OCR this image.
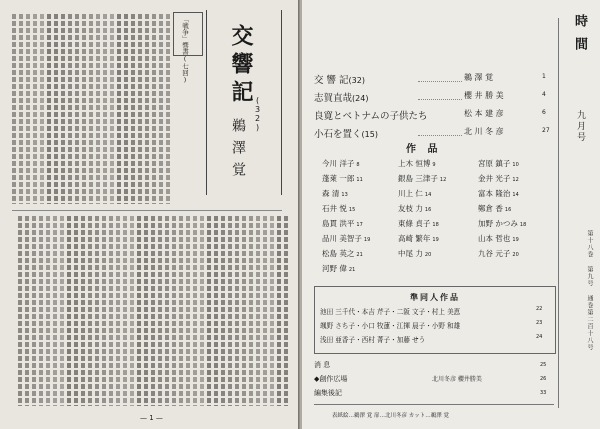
交響記
(32)
鵜澤覚
「戦争」響書(七回)
— 1 —
時間
九月号
第十八巻 第九号 通巻第二百十八号
交 響 記(32)	鵜 澤 覚	1
志賀直哉(24)	櫻 井 勝 美	4
良寛とベトナムの子供たち	松 本 建 彦	6
小石を置く(15)	北 川 冬 彦	27
作 品
今川 洋子 8
蓬萊 一郎 11
森 清 13
石井 悦 15
島貫 洪平 17
品川 美智子 19
松島 英之 21
河野 偉 21
上木 恒博 9
銀島 三津子 12
川上 仁 14
友枝 力 16
東條 貞子 18
高崎 繁年 19
中尾 力 20
宮原 鎮子 10
金井 光子 12
富本 隆治 14
鄭倉 香 16
加野 かつみ 18
山本 哲也 19
九谷 元子 20
準同人作品
池田 三千代・本吉 芹子・二阪 文子・村上 美恵	22
颯野 さち子・小口 牧蓮・江揮 晨子・小野 和雄	23
浅田 亜香子・西村 菁子・加藤 せう	24
消 息	25
◆創作広場	北川冬彦 櫻井勝美	26
編集後記	33
表紙絵…鵜澤 覚 扉…北川冬彦 カット…鵜澤 覚
